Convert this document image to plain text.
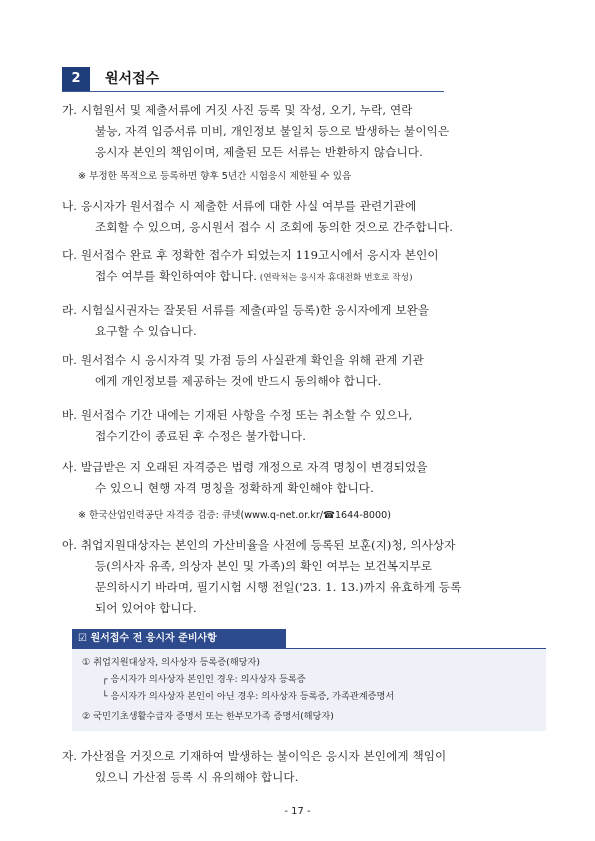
2	원서접수
가. 시험원서 및 제출서류에 거짓 사진 등록 및 작성, 오기, 누락, 연락
불능, 자격 입증서류 미비, 개인정보 불일치 등으로 발생하는 불이익은
응시자 본인의 책임이며, 제출된 모든 서류는 반환하지 않습니다.
※ 부정한 목적으로 등록하면 향후 5년간 시험응시 제한될 수 있음
나. 응시자가 원서접수 시 제출한 서류에 대한 사실 여부를 관련기관에
조회할 수 있으며, 응시원서 접수 시 조회에 동의한 것으로 간주합니다.
다. 원서접수 완료 후 정확한 접수가 되었는지 119고시에서 응시자 본인이
접수 여부를 확인하여야 합니다. (연락처는 응시자 휴대전화 번호로 작성)
라. 시험실시권자는 잘못된 서류를 제출(파일 등록)한 응시자에게 보완을
요구할 수 있습니다.
마. 원서접수 시 응시자격 및 가점 등의 사실관계 확인을 위해 관계 기관
에게 개인정보를 제공하는 것에 반드시 동의해야 합니다.
바. 원서접수 기간 내에는 기재된 사항을 수정 또는 취소할 수 있으나,
접수기간이 종료된 후 수정은 불가합니다.
사. 발급받은 지 오래된 자격증은 법령 개정으로 자격 명칭이 변경되었을
수 있으니 현행 자격 명칭을 정확하게 확인해야 합니다.
※ 한국산업인력공단 자격증 검증: 큐넷(www.q-net.or.kr/☎1644-8000)
아. 취업지원대상자는 본인의 가산비율을 사전에 등록된 보훈(지)청, 의사상자
등(의사자 유족, 의상자 본인 및 가족)의 확인 여부는 보건복지부로
문의하시기 바라며, 필기시험 시행 전일('23. 1. 13.)까지 유효하게 등록
되어 있어야 합니다.
☑ 원서접수 전 응시자 준비사항
① 취업지원대상자, 의사상자 등록증(해당자)
┌ 응시자가 의사상자 본인인 경우: 의사상자 등록증
└ 응시자가 의사상자 본인이 아닌 경우: 의사상자 등록증, 가족관계증명서
② 국민기초생활수급자 증명서 또는 한부모가족 증명서(해당자)
자. 가산점을 거짓으로 기재하여 발생하는 불이익은 응시자 본인에게 책임이
있으니 가산점 등록 시 유의해야 합니다.
- 17 -
